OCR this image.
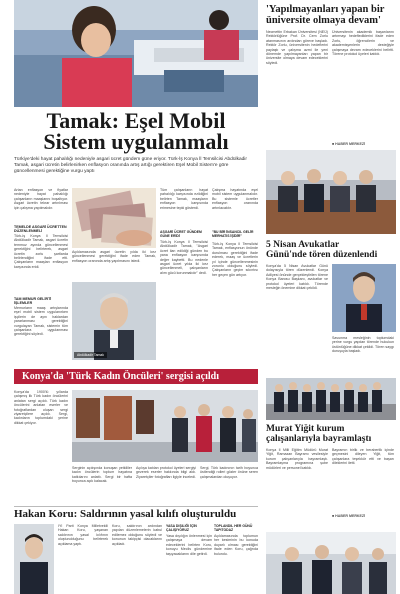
Tamak: Eşel Mobil
Sistem uygulanmalı
Türkiye'deki hayat pahalılığı nedeniyle asgari ücret gündem güne eriyor. Türk-İş Konya İl Temsilcisi Abdülkadir Tamak, asgari ücretin belirlenirken enflasyon oranında artış artığı gerektiren Eşel Mobil Sistem'e göre güncellenmesi gerektiğine vurgu yaptı
Artan enflasyon ve fiyatlar nedeniyle hayat pahalılığı çalışanların maaşlarını boşaltıyor. Asgari ücretin tekrar artırılması için çalışma yapılmalıdır.
TEMELDE ASGARİ ÜCRETTEN DÜZENLENMELİ
Türk-İş Konya İl Temsilcisi Abdülkadir Tamak, asgari ücretin temmuz ayında güncellenmesi gerektiğini belirterek, asgari ücretin zorlu şartlarda belirlendiğini ifade etti. Çalışanların maaşları enflasyon karşısında eridi.
TAM MEMUR GELİRTİ İŞLEMLER
Memurların maaş artışlarında eşel mobil sistem uygulanırken işçilerin de aynı haklardan yararlanması gerektiğini vurgulayan Tamak, sistemin tüm çalışanlara uygulanması gerektiğini söyledi.
Abdülkadir Tamak
Açıklamasında asgari ücretin yılda iki kez güncellenmesi gerektiğini ifade eden Tamak, enflasyon oranında artış yapılmasını istedi.
Tüm çalışanların hayat pahalılığı karşısında ezildiğini belirten Tamak, maaşların enflasyon karşısında erimesine tepki gösterdi.
ASGARİ ÜCRET GÜNDEM GÜNE ERİDİ
Türk-İş Konya İl Temsilcisi Abdülkadir Tamak, "Asgari ücret ilan edildiği günden bu yana enflasyon karşısında değer kaybetti. Bu nedenle asgari ücret yılda iki kez güncellenmeli, çalışanların alım gücü korunmalıdır" dedi.
Çalışma hayatında eşel mobil sistem uygulanmalıdır. Bu sistemle ücretler enflasyon oranında artırılacaktır.
"BU BİR İNSANCIL GELİR MERHATIS İŞİDİR"
Türk-İş Konya İl Temsilcisi Tamak, enflasyonun önünde durulması gerektiğini ifade ederek, maaş ve ücretlerin yıl içinde güncellenmesinin zorunlu olduğunu söyledi. Çalışanların geçim sıkıntısı her geçen gün artıyor.
'Yapılmayanları yapan bir
üniversite olmaya devam'
Necmettin Erbakan Üniversitesi (NEÜ) Rektörlüğüne Prof. Dr. Cem Zorlu atanmasının ardından göreve başladı. Rektör Zorlu, üniversitenin hedeflerini paylaştı ve çalışma azmi ile yeni dönemde yapılmayanları yapan bir üniversite olmaya devam edeceklerini söyledi.
Üniversitenin akademik başarılarını artırmayı hedeflediklerini ifade eden Zorlu, öğrencilerin ve akademisyenlerin desteğiyle çalışmaya devam edeceklerini belirtti. Törene protokol üyeleri katıldı.
■ HABER MERKEZİ
5 Nisan Avukatlar
Günü'nde tören düzenlendi
Konya'da 5 Nisan Avukatlar Günü dolayısıyla tören düzenlendi. Konya Adliyesi önünde gerçekleştirilen törene Konya Barosu Başkanı, avukatlar ve protokol üyeleri katıldı. Törende mesleğin önemine dikkat çekildi.
Savunma mesleğinin toplumdaki yerine vurgu yapılan törende hukukun üstünlüğüne dikkat çekildi. Tören saygı duruşuyla başladı.
Konya'da 'Türk Kadın Öncüleri' sergisi açıldı
Konya'da 1900'lü yıllarda çalışmış ilk Türk kadın öncülerini anlatan sergi açıldı. Türk kadın öncülerini anlatan eserler ve fotoğraflardan oluşan sergi ziyaretçilere açıldı. Sergi, kadınların toplumdaki yerine dikkat çekiyor.
Serginin açılışında konuşan yetkililer kadın öncülerin toplum hayatına katkılarını anlattı. Sergi bir hafta boyunca açık kalacak.
Açılışa katılan protokol üyeleri sergiyi gezerek eserler hakkında bilgi aldı. Ziyaretçiler fotoğrafları ilgiyle inceledi.
Sergi, Türk kadınının tarih boyunca üstlendiği rolleri gözler önüne seren çalışmalardan oluşuyor.
Murat Yiğit kurum
çalışanlarıyla bayramlaştı
Konya İl Milli Eğitim Müdürü Murat Yiğit, Ramazan Bayramı vesilesiyle kurum çalışanlarıyla bayramlaştı. Bayramlaşma programına şube müdürleri ve personel katıldı.
Bayramın birlik ve beraberlik içinde geçmesini dileyen Yiğit, tüm çalışanlara teşekkür etti ve başarı dileklerini iletti.
■ HABER MERKEZİ
Hakan Koru: Saldırının yasal kılıfı oluşturuldu
İYİ Parti Konya Milletvekili Hakan Koru, yaşanan saldırının yasal kılıfının oluşturulduğunu belirterek açıklama yaptı.
Koru, saldırının ardından yapılan düzenlemelerin kabul edilemez olduğunu söyledi ve konunun takipçisi olacaklarını açıkladı.
YASA DIŞILIĞI İÇİN ÇALIŞIYORUZ
Yasa dışılığın önlenmesi için çalışmaya devam edeceklerini belirten Koru, konuyu Meclis gündemine taşıyacaklarını dile getirdi.
TOPLANDIL HER GÜNÜ TAPITODAZ
Açıklamasında toplumun her kesiminin bu konuda duyarlı olması gerektiğini ifade eden Koru, çağrıda bulundu.
